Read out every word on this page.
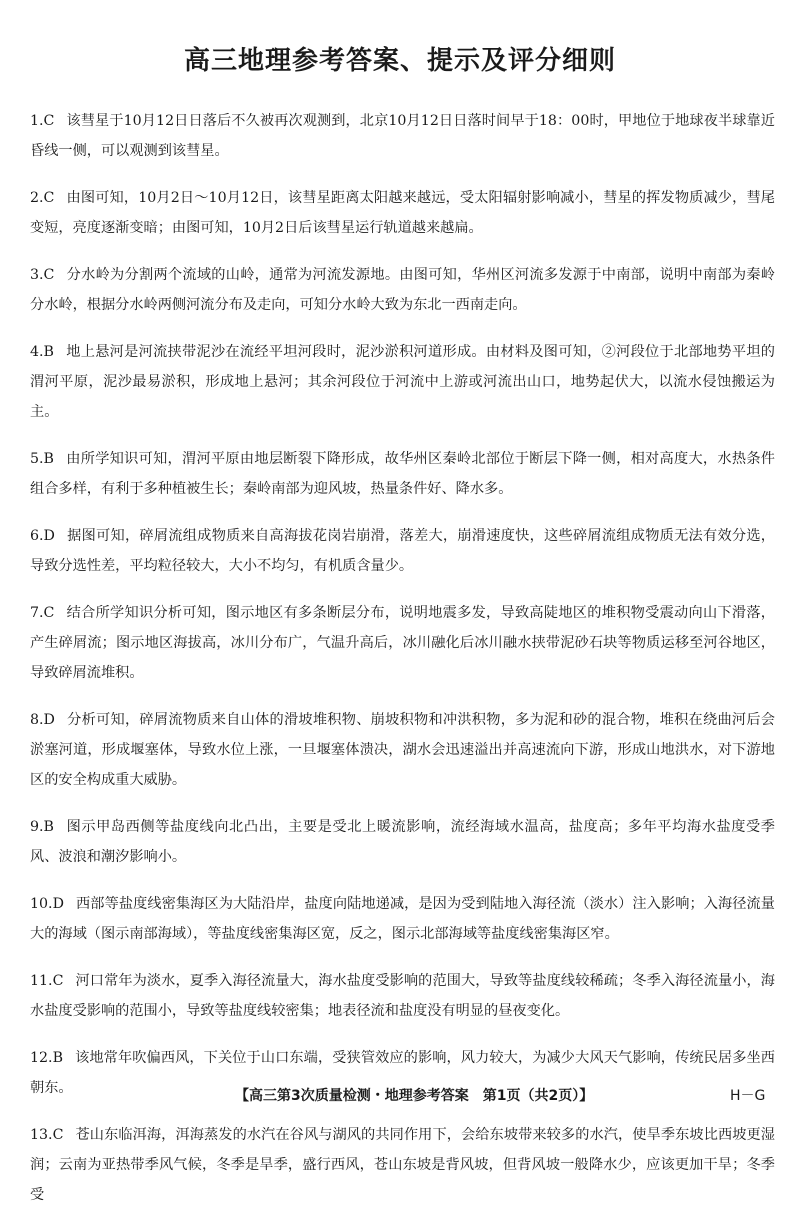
高三地理参考答案、提示及评分细则
1.C 该彗星于10月12日日落后不久被再次观测到，北京10月12日日落时间早于18：00时，甲地位于地球夜半球靠近昏线一侧，可以观测到该彗星。
2.C 由图可知，10月2日～10月12日，该彗星距离太阳越来越远，受太阳辐射影响减小，彗星的挥发物质减少，彗尾变短，亮度逐渐变暗；由图可知，10月2日后该彗星运行轨道越来越扁。
3.C 分水岭为分割两个流域的山岭，通常为河流发源地。由图可知，华州区河流多发源于中南部，说明中南部为秦岭分水岭，根据分水岭两侧河流分布及走向，可知分水岭大致为东北一西南走向。
4.B 地上悬河是河流挟带泥沙在流经平坦河段时，泥沙淤积河道形成。由材料及图可知，②河段位于北部地势平坦的渭河平原，泥沙最易淤积，形成地上悬河；其余河段位于河流中上游或河流出山口，地势起伏大，以流水侵蚀搬运为主。
5.B 由所学知识可知，渭河平原由地层断裂下降形成，故华州区秦岭北部位于断层下降一侧，相对高度大，水热条件组合多样，有利于多种植被生长；秦岭南部为迎风坡，热量条件好、降水多。
6.D 据图可知，碎屑流组成物质来自高海拔花岗岩崩滑，落差大，崩滑速度快，这些碎屑流组成物质无法有效分选，导致分选性差，平均粒径较大，大小不均匀，有机质含量少。
7.C 结合所学知识分析可知，图示地区有多条断层分布，说明地震多发，导致高陡地区的堆积物受震动向山下滑落，产生碎屑流；图示地区海拔高，冰川分布广，气温升高后，冰川融化后冰川融水挟带泥砂石块等物质运移至河谷地区，导致碎屑流堆积。
8.D 分析可知，碎屑流物质来自山体的滑坡堆积物、崩坡积物和冲洪积物，多为泥和砂的混合物，堆积在绕曲河后会淤塞河道，形成堰塞体，导致水位上涨，一旦堰塞体溃决，湖水会迅速溢出并高速流向下游，形成山地洪水，对下游地区的安全构成重大威胁。
9.B 图示甲岛西侧等盐度线向北凸出，主要是受北上暖流影响，流经海域水温高，盐度高；多年平均海水盐度受季风、波浪和潮汐影响小。
10.D 西部等盐度线密集海区为大陆沿岸，盐度向陆地递减，是因为受到陆地入海径流（淡水）注入影响；入海径流量大的海域（图示南部海域），等盐度线密集海区宽，反之，图示北部海域等盐度线密集海区窄。
11.C 河口常年为淡水，夏季入海径流量大，海水盐度受影响的范围大，导致等盐度线较稀疏；冬季入海径流量小，海水盐度受影响的范围小，导致等盐度线较密集；地表径流和盐度没有明显的昼夜变化。
12.B 该地常年吹偏西风，下关位于山口东端，受狭管效应的影响，风力较大，为减少大风天气影响，传统民居多坐西朝东。
13.C 苍山东临洱海，洱海蒸发的水汽在谷风与湖风的共同作用下，会给东坡带来较多的水汽，使旱季东坡比西坡更湿润；云南为亚热带季风气候，冬季是旱季，盛行西风，苍山东坡是背风坡，但背风坡一般降水少，应该更加干旱；冬季受
【高三第3次质量检测・地理参考答案　第1页（共2页）】	H－G
